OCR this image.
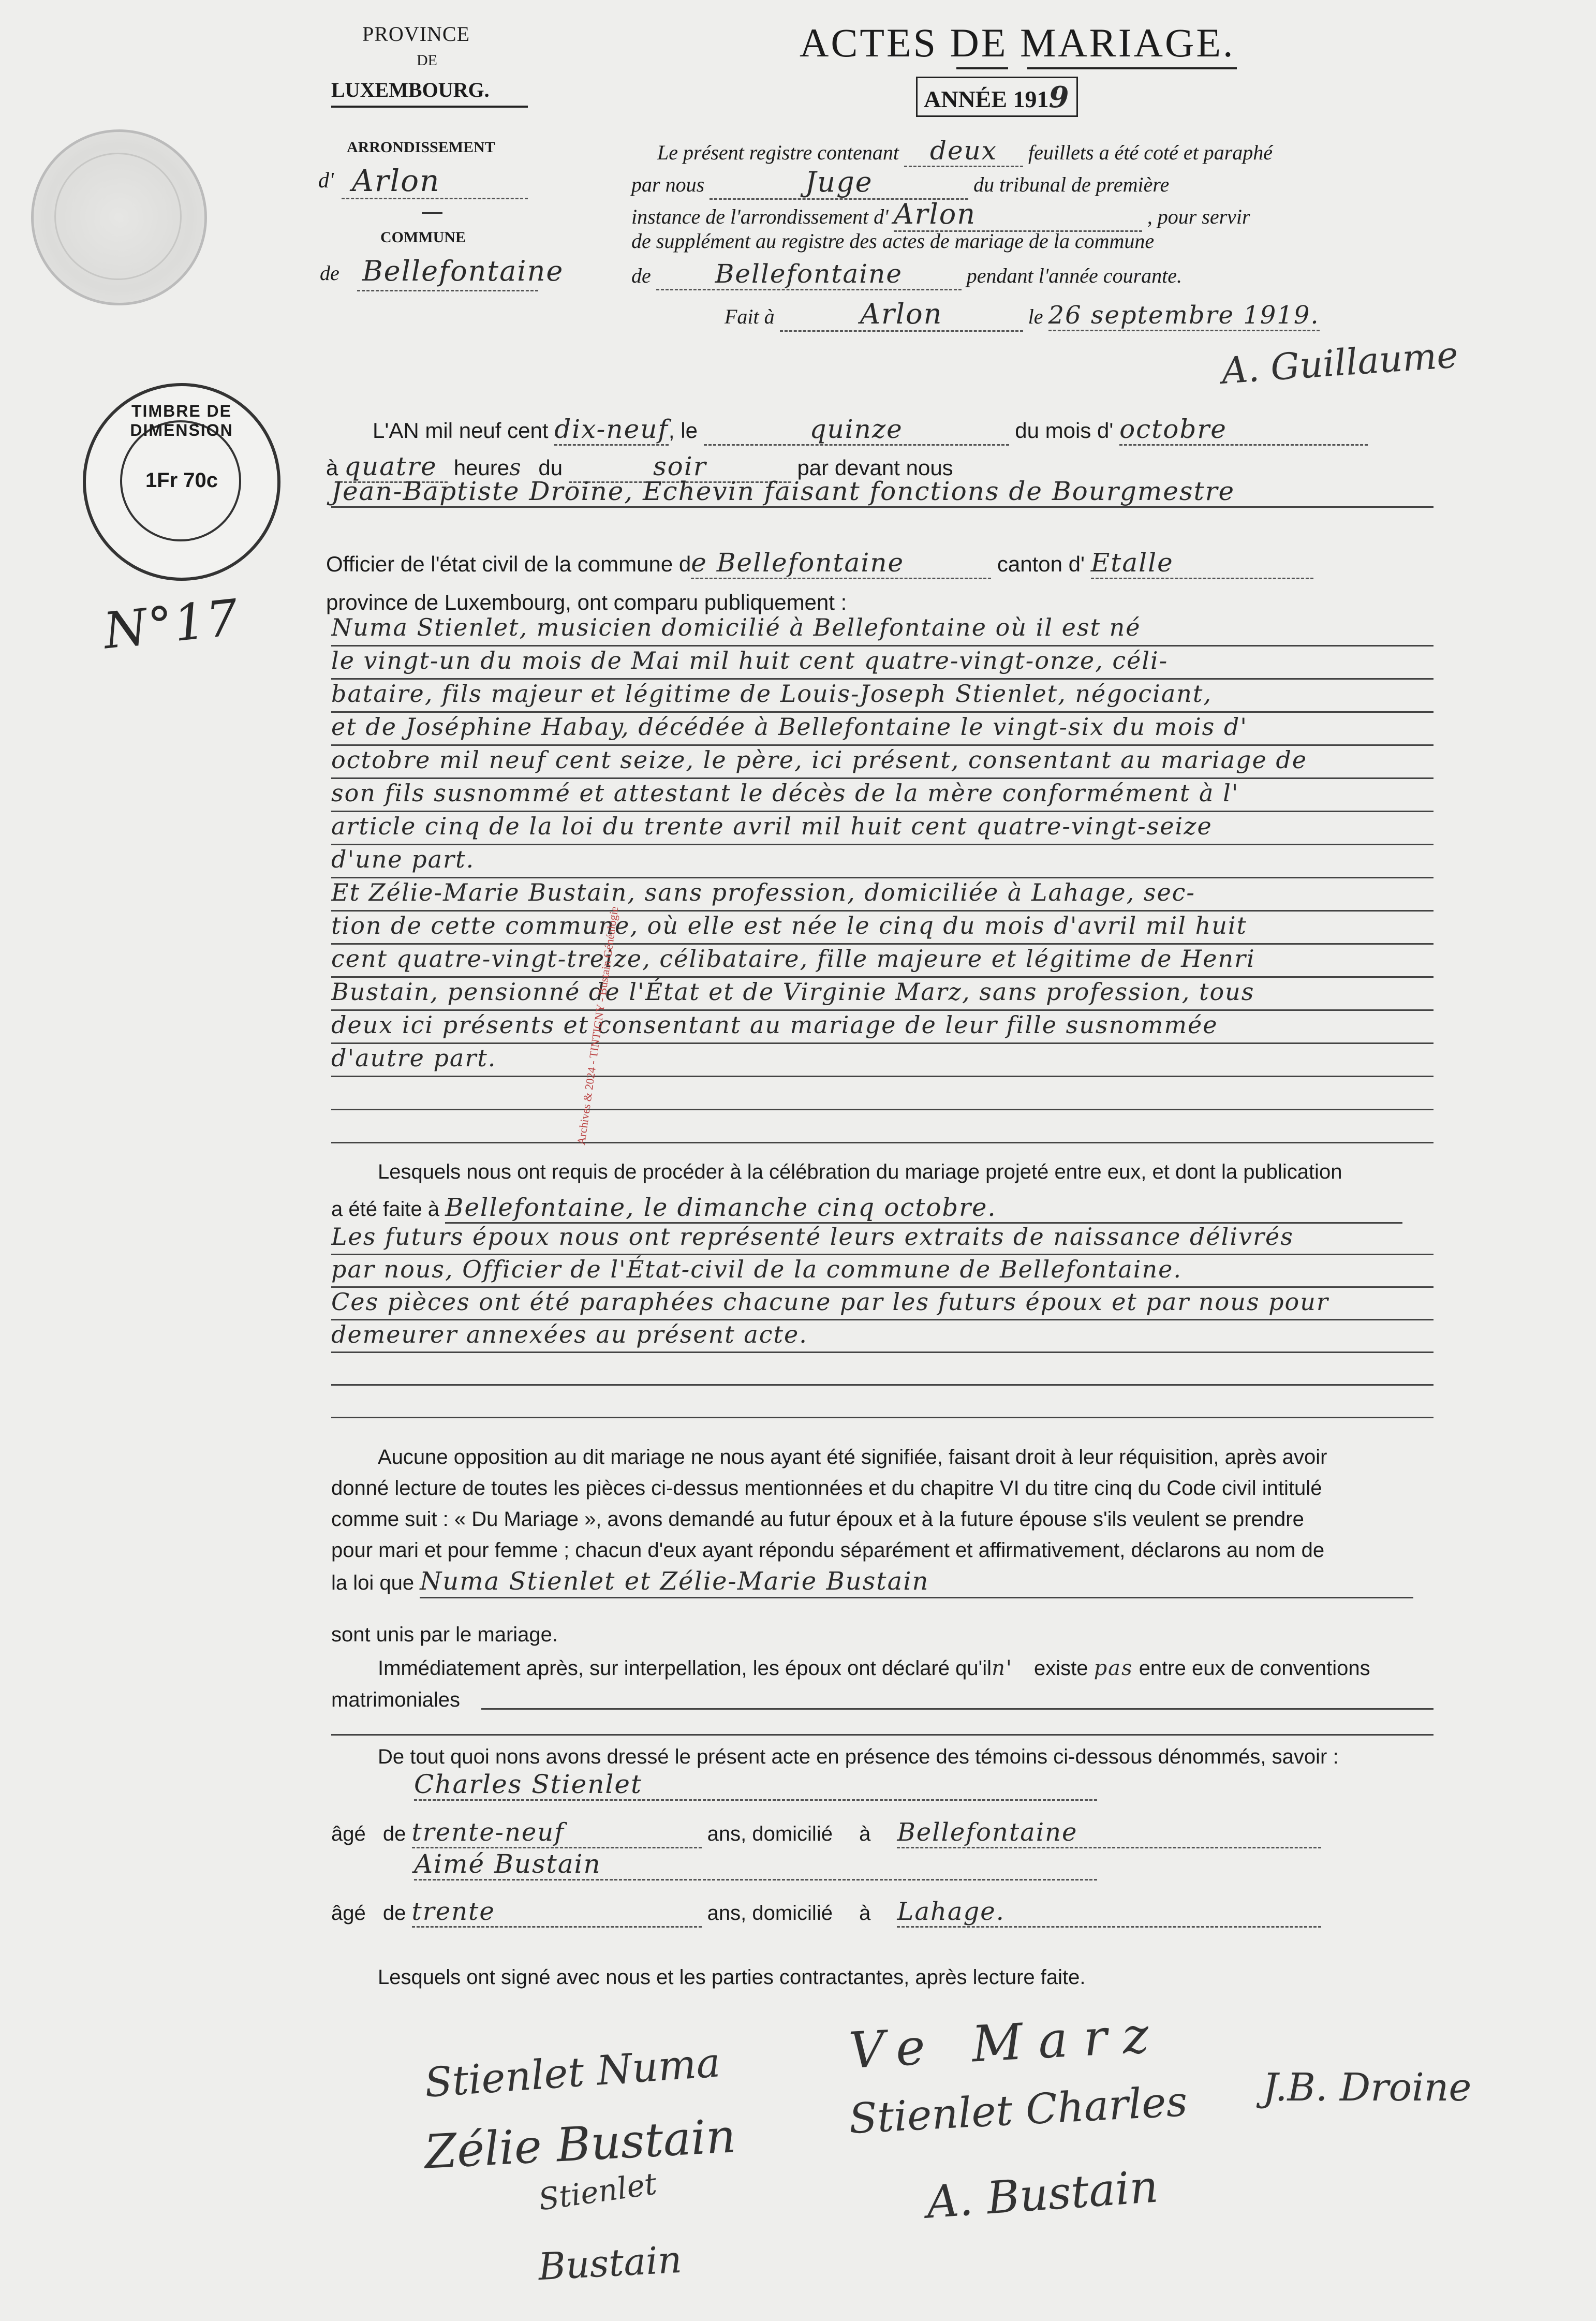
PROVINCE
DE
LUXEMBOURG.
ARRONDISSEMENT
d' Arlon
COMMUNE
de Bellefontaine
ACTES DE MARIAGE.
ANNÉE 1919
Le présent registre contenant deux feuillets a été coté et paraphé
par nous	Juge	du tribunal de première
instance de l'arrondissement d' Arlon	, pour servir
de supplément au registre des actes de mariage de la commune
de Bellefontaine	pendant l'année courante.
Fait à	Arlon	le 26 septembre 1919.
A. Guillaume
TIMBRE DE DIMENSION
1Fr 70c
N°17
L'AN mil neuf cent dix-neuf, le	quinze	du mois d' octobre
à quatre heures du	soir	par devant nous
Jean-Baptiste Droine, Echevin faisant fonctions de Bourgmestre
Officier de l'état civil de la commune de Bellefontaine	canton d' Etalle
province de Luxembourg, ont comparu publiquement :
Numa Stienlet, musicien domicilié à Bellefontaine où il est né
le vingt-un du mois de Mai mil huit cent quatre-vingt-onze, céli-
bataire, fils majeur et légitime de Louis-Joseph Stienlet, négociant,
et de Joséphine Habay, décédée à Bellefontaine le vingt-six du mois d'
octobre mil neuf cent seize, le père, ici présent, consentant au mariage de
son fils susnommé et attestant le décès de la mère conformément à l'
article cinq de la loi du trente avril mil huit cent quatre-vingt-seize
d'une part.
Et Zélie-Marie Bustain, sans profession, domiciliée à Lahage, sec-
tion de cette commune, où elle est née le cinq du mois d'avril mil huit
cent quatre-vingt-treize, célibataire, fille majeure et légitime de Henri
Bustain, pensionné de l'État et de Virginie Marz, sans profession, tous
deux ici présents et consentant au mariage de leur fille susnommée
d'autre part.	Archives & 2024 - TINTIGNY - Bustain Généalogie
Lesquels nous ont requis de procéder à la célébration du mariage projeté entre eux, et dont la publication
a été faite à Bellefontaine, le dimanche cinq octobre.
Les futurs époux nous ont représenté leurs extraits de naissance délivrés
par nous, Officier de l'État-civil de la commune de Bellefontaine.
Ces pièces ont été paraphées chacune par les futurs époux et par nous pour
demeurer annexées au présent acte.
Aucune opposition au dit mariage ne nous ayant été signifiée, faisant droit à leur réquisition, après avoir
donné lecture de toutes les pièces ci-dessus mentionnées et du chapitre VI du titre cinq du Code civil intitulé
comme suit : « Du Mariage », avons demandé au futur époux et à la future épouse s'ils veulent se prendre
pour mari et pour femme ; chacun d'eux ayant répondu séparément et affirmativement, déclarons au nom de
la loi que Numa Stienlet et Zélie-Marie Bustain
sont unis par le mariage.
Immédiatement après, sur interpellation, les époux ont déclaré qu'iln' existe pas entre eux de conventions
matrimoniales
De tout quoi nons avons dressé le présent acte en présence des témoins ci-dessous dénommés, savoir :
Charles Stienlet
âgé de trente-neuf	ans, domicilié à Bellefontaine
Aimé Bustain
âgé de trente	ans, domicilié à Lahage.
Lesquels ont signé avec nous et les parties contractantes, après lecture faite.
Stienlet Numa
Zélie Bustain
Stienlet
Bustain
Ve Marz
Stienlet Charles J.B. Droine
A. Bustain
